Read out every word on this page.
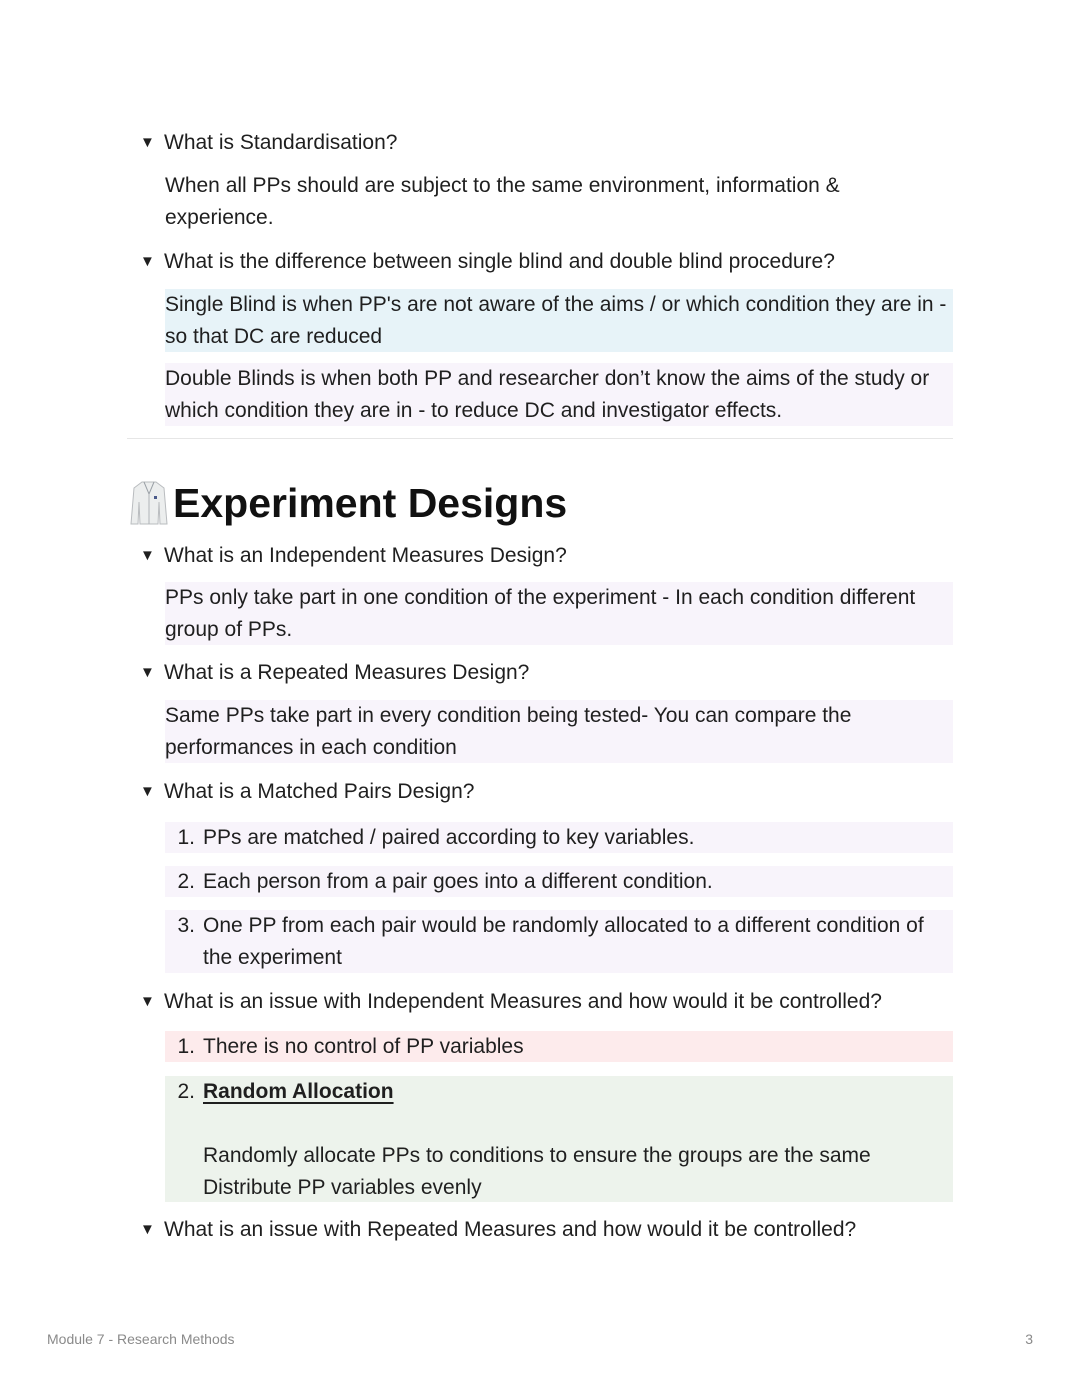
▼ What is Standardisation?
When all PPs should are subject to the same environment, information & experience.
▼ What is the difference between single blind and double blind procedure?
Single Blind is when PP's are not aware of the aims / or which condition they are in - so that DC are reduced
Double Blinds is when both PP and researcher don’t know the aims of the study or which condition they are in - to reduce DC and investigator effects.
Experiment Designs
▼ What is an Independent Measures Design?
PPs only take part in one condition of the experiment - In each condition different group of PPs.
▼ What is a Repeated Measures Design?
Same PPs take part in every condition being tested- You can compare the performances in each condition
▼ What is a Matched Pairs Design?
1. PPs are matched / paired according to key variables.
2. Each person from a pair goes into a different condition.
3. One PP from each pair would be randomly allocated to a different condition of the experiment
▼ What is an issue with Independent Measures and how would it be controlled?
1. There is no control of PP variables
2. Random Allocation
Randomly allocate PPs to conditions to ensure the groups are the same
Distribute PP variables evenly
▼ What is an issue with Repeated Measures and how would it be controlled?
Module 7 - Research Methods	3
